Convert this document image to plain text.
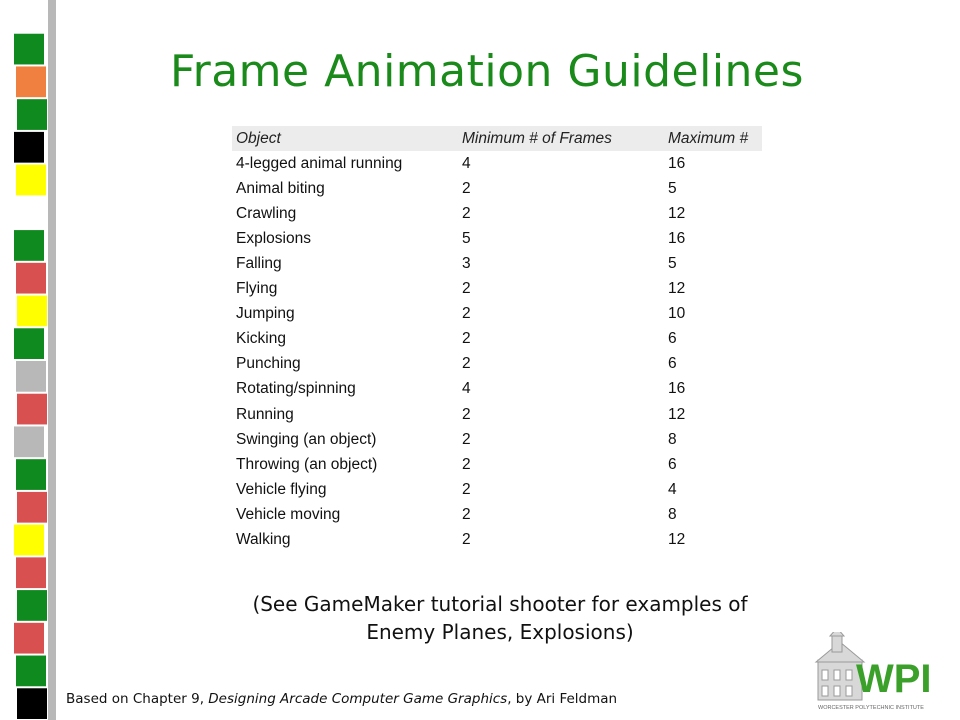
Frame Animation Guidelines
Object	Minimum # of Frames	Maximum #
4-legged animal running	4	16
Animal biting	2	5
Crawling	2	12
Explosions	5	16
Falling	3	5
Flying	2	12
Jumping	2	10
Kicking	2	6
Punching	2	6
Rotating/spinning	4	16
Running	2	12
Swinging (an object)	2	8
Throwing (an object)	2	6
Vehicle flying	2	4
Vehicle moving	2	8
Walking	2	12
(See GameMaker tutorial shooter for examples of
Enemy Planes, Explosions)
Based on Chapter 9, Designing Arcade Computer Game Graphics, by Ari Feldman	WPI
WORCESTER POLYTECHNIC INSTITUTE
